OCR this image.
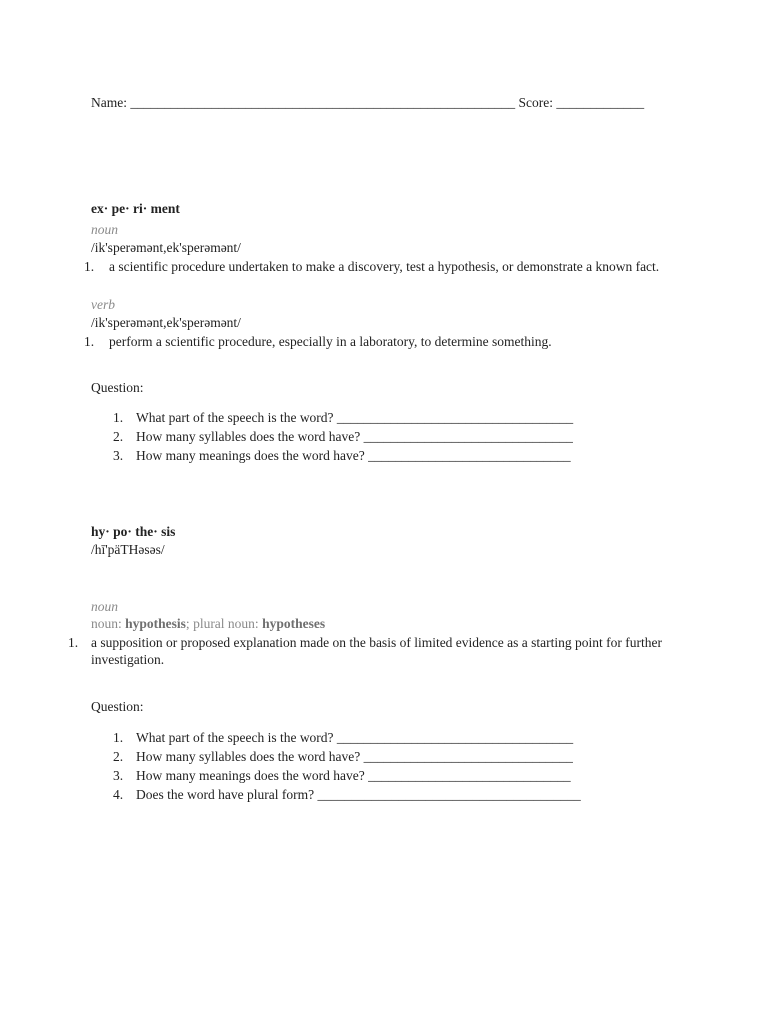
Name: _________________________________________________________ Score: _____________
ex· pe· ri· ment
noun
/ik'sperəmənt,ek'sperəmənt/
1. a scientific procedure undertaken to make a discovery, test a hypothesis, or demonstrate a known fact.
verb
/ik'sperəmənt,ek'sperəmənt/
1. perform a scientific procedure, especially in a laboratory, to determine something.
Question:
1. What part of the speech is the word? ___________________________________
2. How many syllables does the word have? _______________________________
3. How many meanings does the word have? ______________________________
hy· po· the· sis
/hī'päTHəsəs/
noun
noun: hypothesis; plural noun: hypotheses
1. a supposition or proposed explanation made on the basis of limited evidence as a starting point for further investigation.
Question:
1. What part of the speech is the word? ___________________________________
2. How many syllables does the word have? _______________________________
3. How many meanings does the word have? ______________________________
4. Does the word have plural form? _______________________________________
